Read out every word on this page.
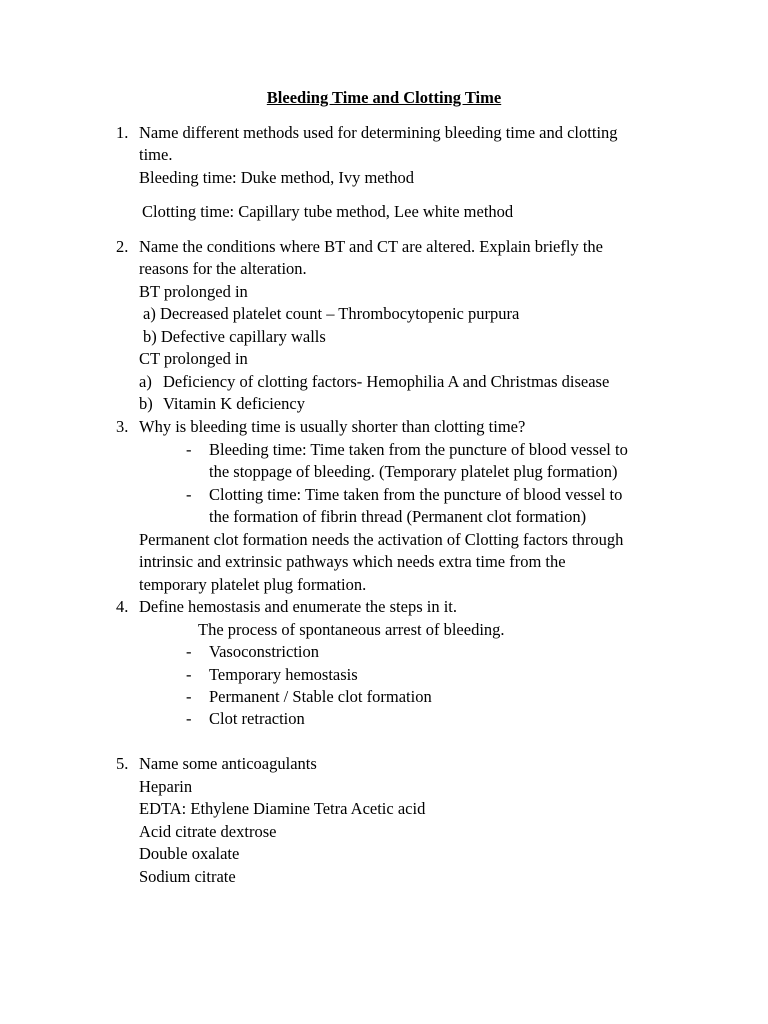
Bleeding Time and Clotting Time
1. Name different methods used for determining bleeding time and clotting
time.
Bleeding time: Duke method, Ivy method
Clotting time: Capillary tube method, Lee white method
2. Name the conditions where BT and CT are altered. Explain briefly the
reasons for the alteration.
BT prolonged in
a) Decreased platelet count – Thrombocytopenic purpura
b) Defective capillary walls
CT prolonged in
a) Deficiency of clotting factors- Hemophilia A and Christmas disease
b) Vitamin K deficiency
3. Why is bleeding time is usually shorter than clotting time?
- Bleeding time: Time taken from the puncture of blood vessel to
the stoppage of bleeding. (Temporary platelet plug formation)
- Clotting time: Time taken from the puncture of blood vessel to
the formation of fibrin thread (Permanent clot formation)
Permanent clot formation needs the activation of Clotting factors through
intrinsic and extrinsic pathways which needs extra time from the
temporary platelet plug formation.
4. Define hemostasis and enumerate the steps in it.
The process of spontaneous arrest of bleeding.
- Vasoconstriction
- Temporary hemostasis
- Permanent / Stable clot formation
- Clot retraction
5. Name some anticoagulants
Heparin
EDTA: Ethylene Diamine Tetra Acetic acid
Acid citrate dextrose
Double oxalate
Sodium citrate
